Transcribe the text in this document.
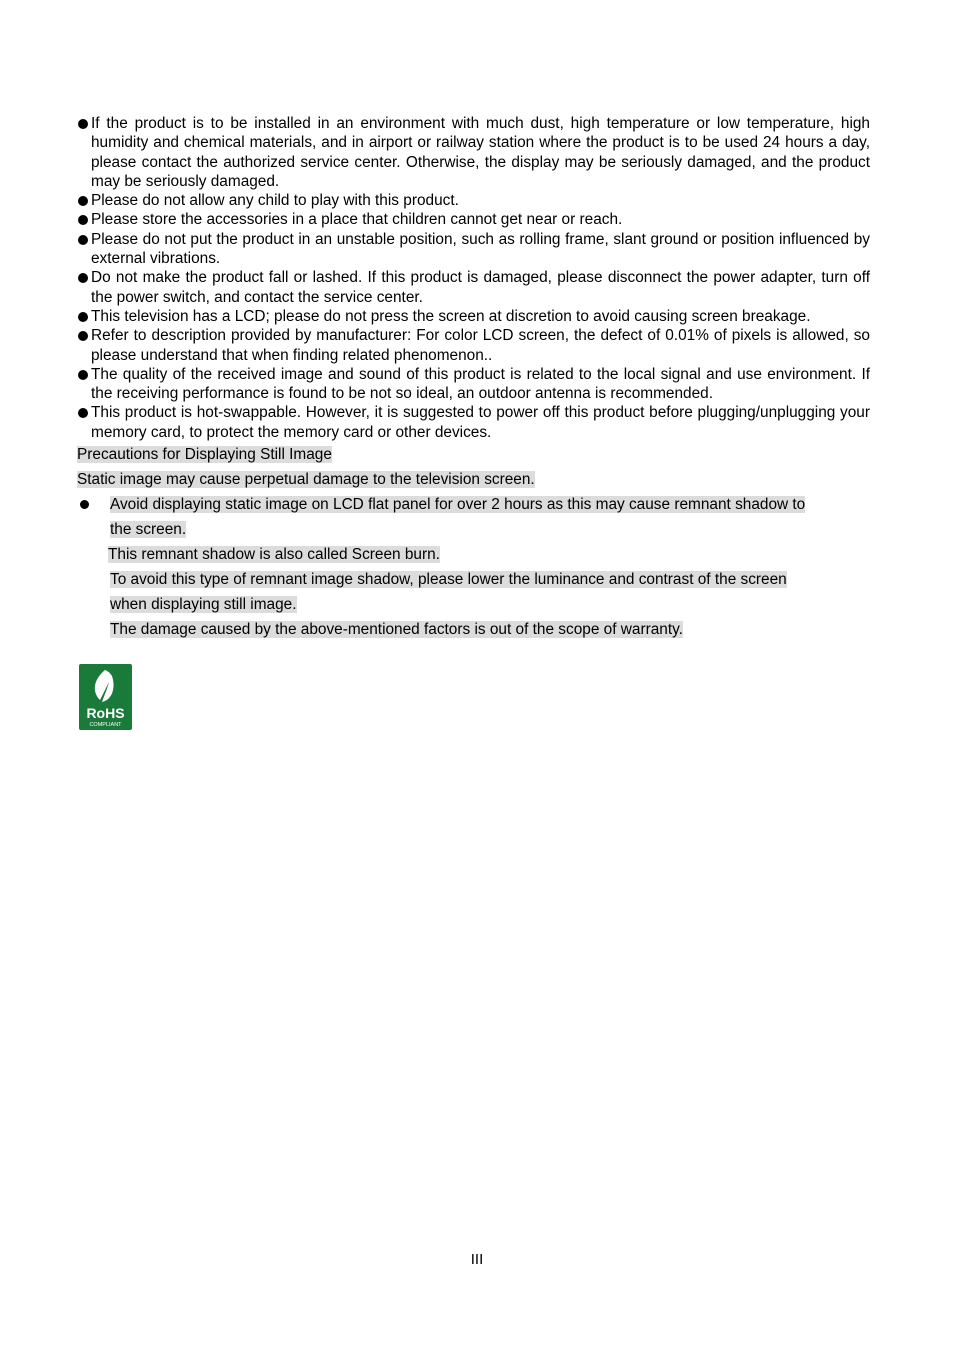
If the product is to be installed in an environment with much dust, high temperature or low temperature, high humidity and chemical materials, and in airport or railway station where the product is to be used 24 hours a day, please contact the authorized service center. Otherwise, the display may be seriously damaged, and the product may be seriously damaged.
Please do not allow any child to play with this product.
Please store the accessories in a place that children cannot get near or reach.
Please do not put the product in an unstable position, such as rolling frame, slant ground or position influenced by external vibrations.
Do not make the product fall or lashed. If this product is damaged, please disconnect the power adapter, turn off the power switch, and contact the service center.
This television has a LCD; please do not press the screen at discretion to avoid causing screen breakage.
Refer to description provided by manufacturer: For color LCD screen, the defect of 0.01% of pixels is allowed, so please understand that when finding related phenomenon..
The quality of the received image and sound of this product is related to the local signal and use environment. If the receiving performance is found to be not so ideal, an outdoor antenna is recommended.
This product is hot-swappable. However, it is suggested to power off this product before plugging/unplugging your memory card, to protect the memory card or other devices.
Precautions for Displaying Still Image
Static image may cause perpetual damage to the television screen.
Avoid displaying static image on LCD flat panel for over 2 hours as this may cause remnant shadow to
the screen.
This remnant shadow is also called Screen burn.
To avoid this type of remnant image shadow, please lower the luminance and contrast of the screen
when displaying still image.
The damage caused by the above-mentioned factors is out of the scope of warranty.
RoHS
COMPLIANT
III
